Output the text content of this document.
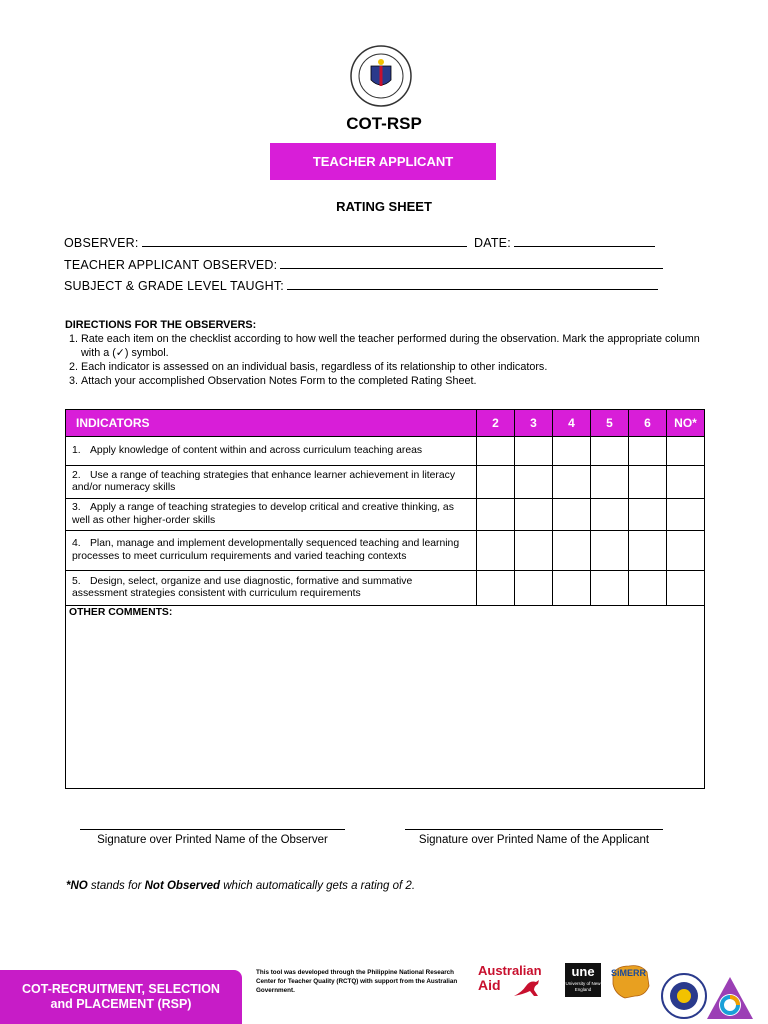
COT-RSP
TEACHER APPLICANT
RATING SHEET
OBSERVER:	DATE:
TEACHER APPLICANT OBSERVED:
SUBJECT & GRADE LEVEL TAUGHT:
DIRECTIONS FOR THE OBSERVERS:
1. Rate each item on the checklist according to how well the teacher performed during the observation. Mark the appropriate column with a (✓) symbol.
2. Each indicator is assessed on an individual basis, regardless of its relationship to other indicators.
3. Attach your accomplished Observation Notes Form to the completed Rating Sheet.
INDICATORS	2	3	4	5	6	NO*
1. Apply knowledge of content within and across curriculum teaching areas						
2. Use a range of teaching strategies that enhance learner achievement in literacy and/or numeracy skills						
3. Apply a range of teaching strategies to develop critical and creative thinking, as well as other higher-order skills						
4. Plan, manage and implement developmentally sequenced teaching and learning processes to meet curriculum requirements and varied teaching contexts						
5. Design, select, organize and use diagnostic, formative and summative assessment strategies consistent with curriculum requirements						
OTHER COMMENTS:						
Signature over Printed Name of the Observer	Signature over Printed Name of the Applicant
*NO stands for Not Observed which automatically gets a rating of 2.
COT-RECRUITMENT, SELECTION
and PLACEMENT (RSP)
This tool was developed through the Philippine National Research Center for Teacher Quality (RCTQ) with support from the Australian Government.
Australian
Aid
une
University of New England
SiMERR
